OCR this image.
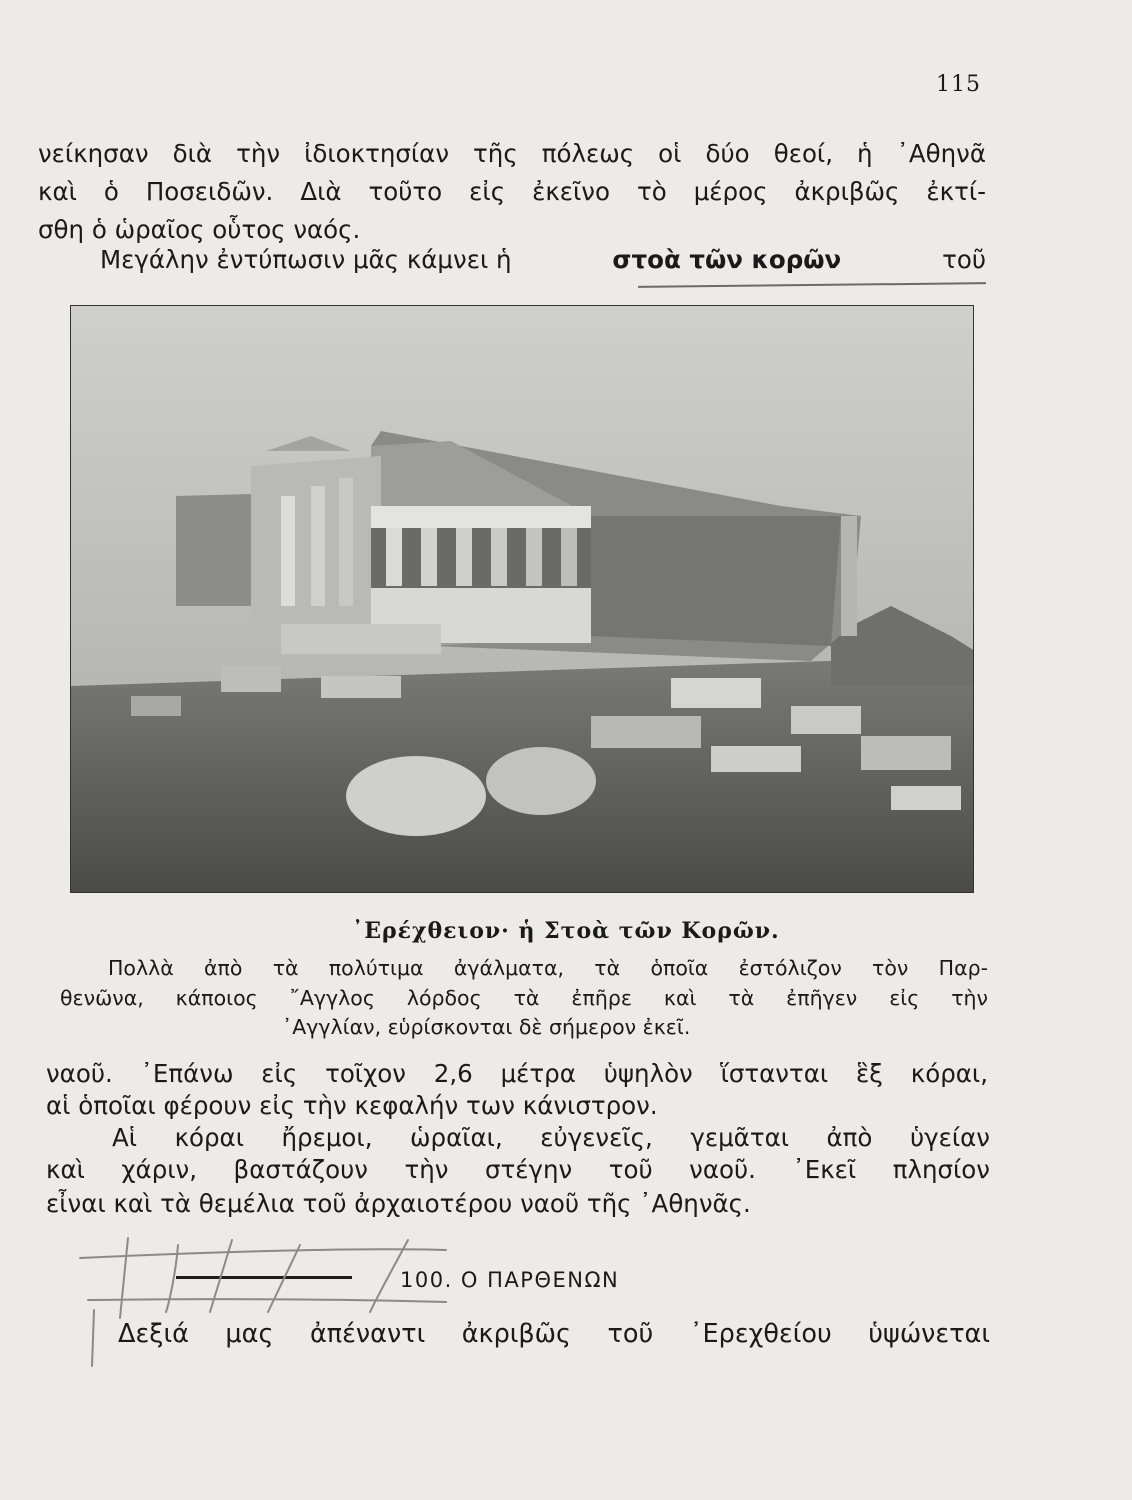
115
νείκησαν διὰ τὴν ἰδιοκτησίαν τῆς πόλεως οἱ δύο θεοί, ἡ ᾿Αθηνᾶ
καὶ ὁ Ποσειδῶν. Διὰ τοῦτο εἰς ἐκεῖνο τὸ μέρος ἀκριβῶς ἐκτί-
σθη ὁ ὡραῖος οὗτος ναός.
Μεγάλην ἐντύπωσιν μᾶς κάμνει ἡ	στοὰ τῶν κορῶν	τοῦ
᾿Ερέχθειον· ἡ Στοὰ τῶν Κορῶν.
Πολλὰ ἀπὸ τὰ πολύτιμα ἀγάλματα, τὰ ὁποῖα ἐστόλιζον τὸν Παρ-
θενῶνα, κάποιος ῎Αγγλος λόρδος τὰ ἐπῆρε καὶ τὰ ἐπῆγεν εἰς τὴν
᾿Αγγλίαν, εὑρίσκονται δὲ σήμερον ἐκεῖ.
ναοῦ. ᾿Επάνω εἰς τοῖχον 2,6 μέτρα ὑψηλὸν ἵστανται ἓξ κόραι,
αἱ ὁποῖαι φέρουν εἰς τὴν κεφαλήν των κάνιστρον.
Αἱ κόραι ἤρεμοι, ὡραῖαι, εὐγενεῖς, γεμᾶται ἀπὸ ὑγείαν
καὶ χάριν, βαστάζουν τὴν στέγην τοῦ ναοῦ. ᾿Εκεῖ πλησίον
εἶναι καὶ τὰ θεμέλια τοῦ ἀρχαιοτέρου ναοῦ τῆς ᾿Αθηνᾶς.
100. Ο ΠΑΡΘΕΝΩΝ
Δεξιά μας ἀπέναντι ἀκριβῶς τοῦ ᾿Ερεχθείου ὑψώνεται
